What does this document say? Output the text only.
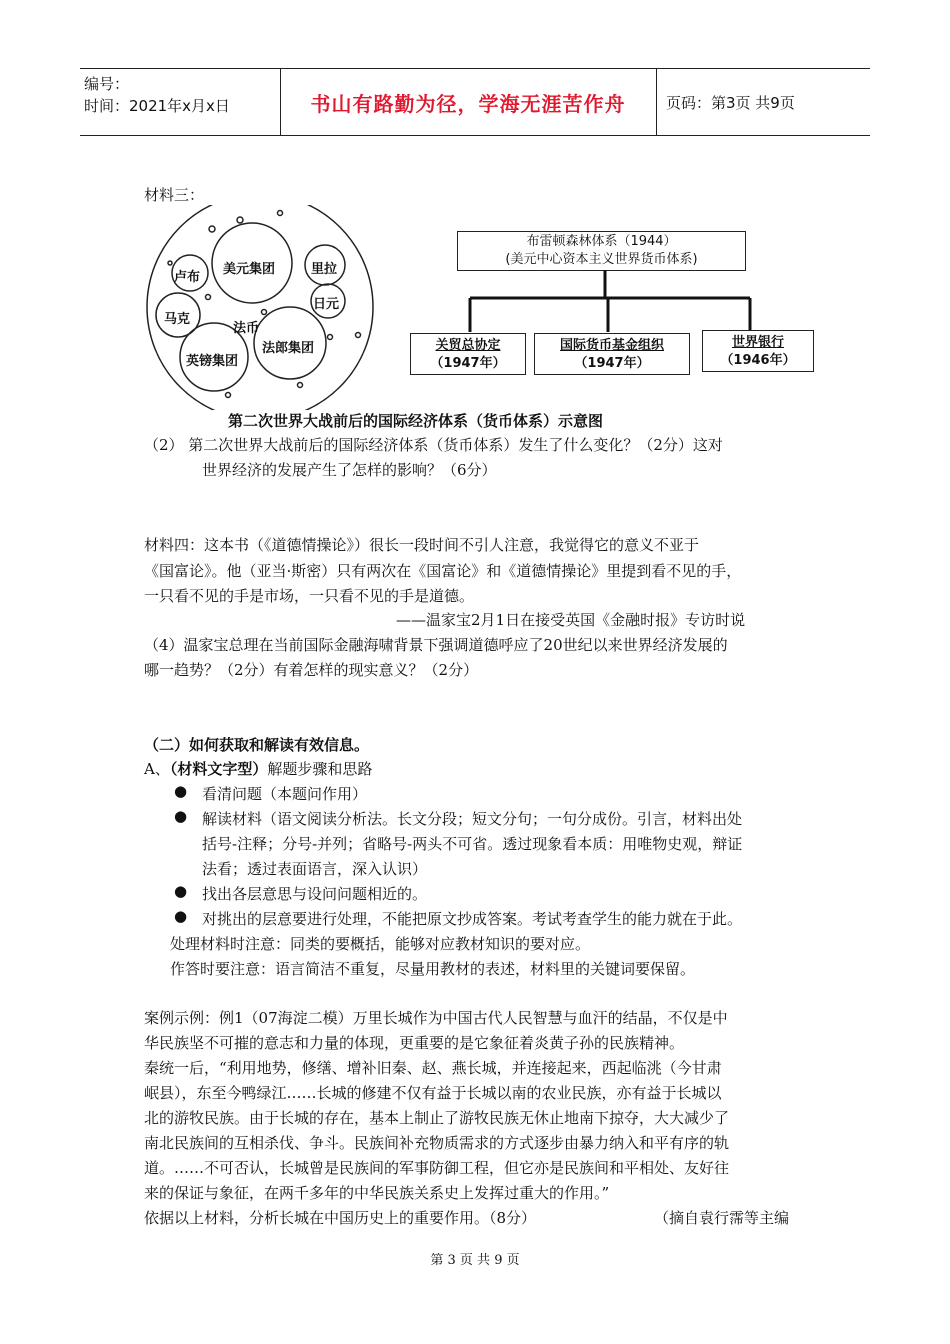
编号：
时间：2021年x月x日	书山有路勤为径，学海无涯苦作舟	页码：第3页 共9页
材料三：
美元集团
卢布
里拉
日元
马克
法币
法郎集团
英镑集团
布雷顿森林体系（1944）
(美元中心资本主义世界货币体系)
关贸总协定
（1947年）
国际货币基金组织
（1947年）
世界银行
（1946年）
第二次世界大战前后的国际经济体系（货币体系）示意图
（2） 第二次世界大战前后的国际经济体系（货币体系）发生了什么变化？（2分）这对
世界经济的发展产生了怎样的影响？（6分）
材料四：这本书（《道德情操论》）很长一段时间不引人注意，我觉得它的意义不亚于
《国富论》。他（亚当·斯密）只有两次在《国富论》和《道德情操论》里提到看不见的手，
一只看不见的手是市场，一只看不见的手是道德。
——温家宝2月1日在接受英国《金融时报》专访时说
（4）温家宝总理在当前国际金融海啸背景下强调道德呼应了20世纪以来世界经济发展的
哪一趋势？（2分）有着怎样的现实意义？（2分）
（二）如何获取和解读有效信息。
A、（材料文字型）解题步骤和思路
● 看清问题（本题问作用）
● 解读材料（语文阅读分析法。长文分段；短文分句；一句分成份。引言，材料出处
括号-注释；分号-并列；省略号-两头不可省。透过现象看本质：用唯物史观，辩证
法看；透过表面语言，深入认识）
● 找出各层意思与设问问题相近的。
● 对挑出的层意要进行处理，不能把原文抄成答案。考试考查学生的能力就在于此。
处理材料时注意：同类的要概括，能够对应教材知识的要对应。
作答时要注意：语言简洁不重复，尽量用教材的表述，材料里的关键词要保留。
案例示例：例1（07海淀二模）万里长城作为中国古代人民智慧与血汗的结晶，不仅是中
华民族坚不可摧的意志和力量的体现，更重要的是它象征着炎黄子孙的民族精神。
秦统一后，“利用地势，修缮、增补旧秦、赵、燕长城，并连接起来，西起临洮（今甘肃
岷县），东至今鸭绿江……长城的修建不仅有益于长城以南的农业民族，亦有益于长城以
北的游牧民族。由于长城的存在，基本上制止了游牧民族无休止地南下掠夺，大大减少了
南北民族间的互相杀伐、争斗。民族间补充物质需求的方式逐步由暴力纳入和平有序的轨
道。……不可否认，长城曾是民族间的军事防御工程，但它亦是民族间和平相处、友好往
来的保证与象征，在两千多年的中华民族关系史上发挥过重大的作用。”
依据以上材料，分析长城在中国历史上的重要作用。（8分）	（摘自袁行霈等主编
第 3 页 共 9 页
